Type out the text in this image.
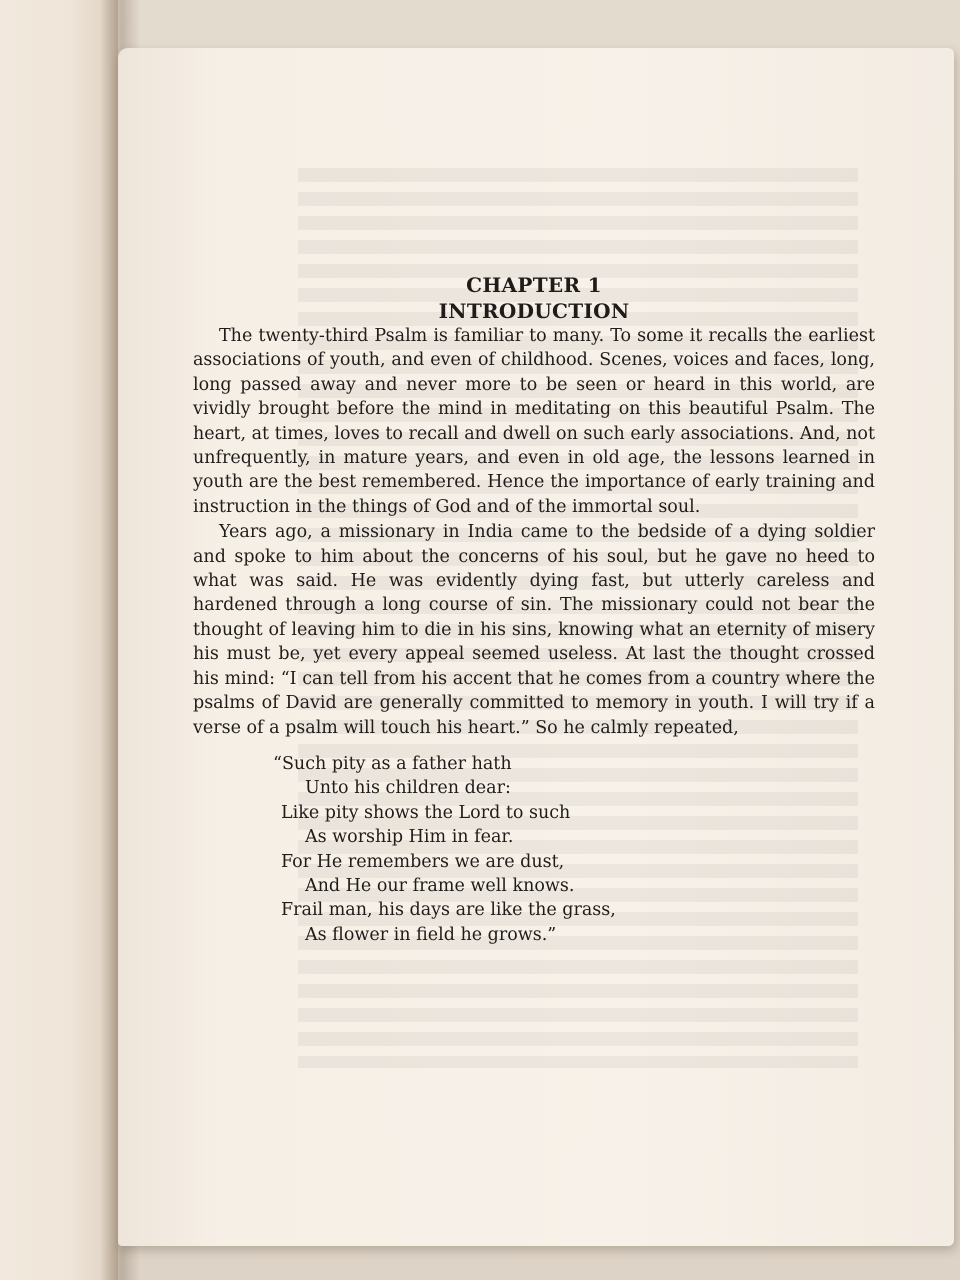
CHAPTER 1
INTRODUCTION

The twenty-third Psalm is familiar to many. To some it recalls the earliest associations of youth, and even of childhood. Scenes, voices and faces, long, long passed away and never more to be seen or heard in this world, are vividly brought before the mind in meditating on this beautiful Psalm. The heart, at times, loves to recall and dwell on such early associations. And, not unfrequently, in mature years, and even in old age, the lessons learned in youth are the best remembered. Hence the importance of early training and instruction in the things of God and of the immortal soul.

Years ago, a missionary in India came to the bedside of a dying soldier and spoke to him about the concerns of his soul, but he gave no heed to what was said. He was evidently dying fast, but utterly careless and hardened through a long course of sin. The missionary could not bear the thought of leaving him to die in his sins, knowing what an eternity of misery his must be, yet every appeal seemed useless. At last the thought crossed his mind: “I can tell from his accent that he comes from a country where the psalms of David are generally committed to memory in youth. I will try if a verse of a psalm will touch his heart.” So he calmly repeated,

“Such pity as a father hath
Unto his children dear:
Like pity shows the Lord to such
As worship Him in fear.
For He remembers we are dust,
And He our frame well knows.
Frail man, his days are like the grass,
As flower in field he grows.”
